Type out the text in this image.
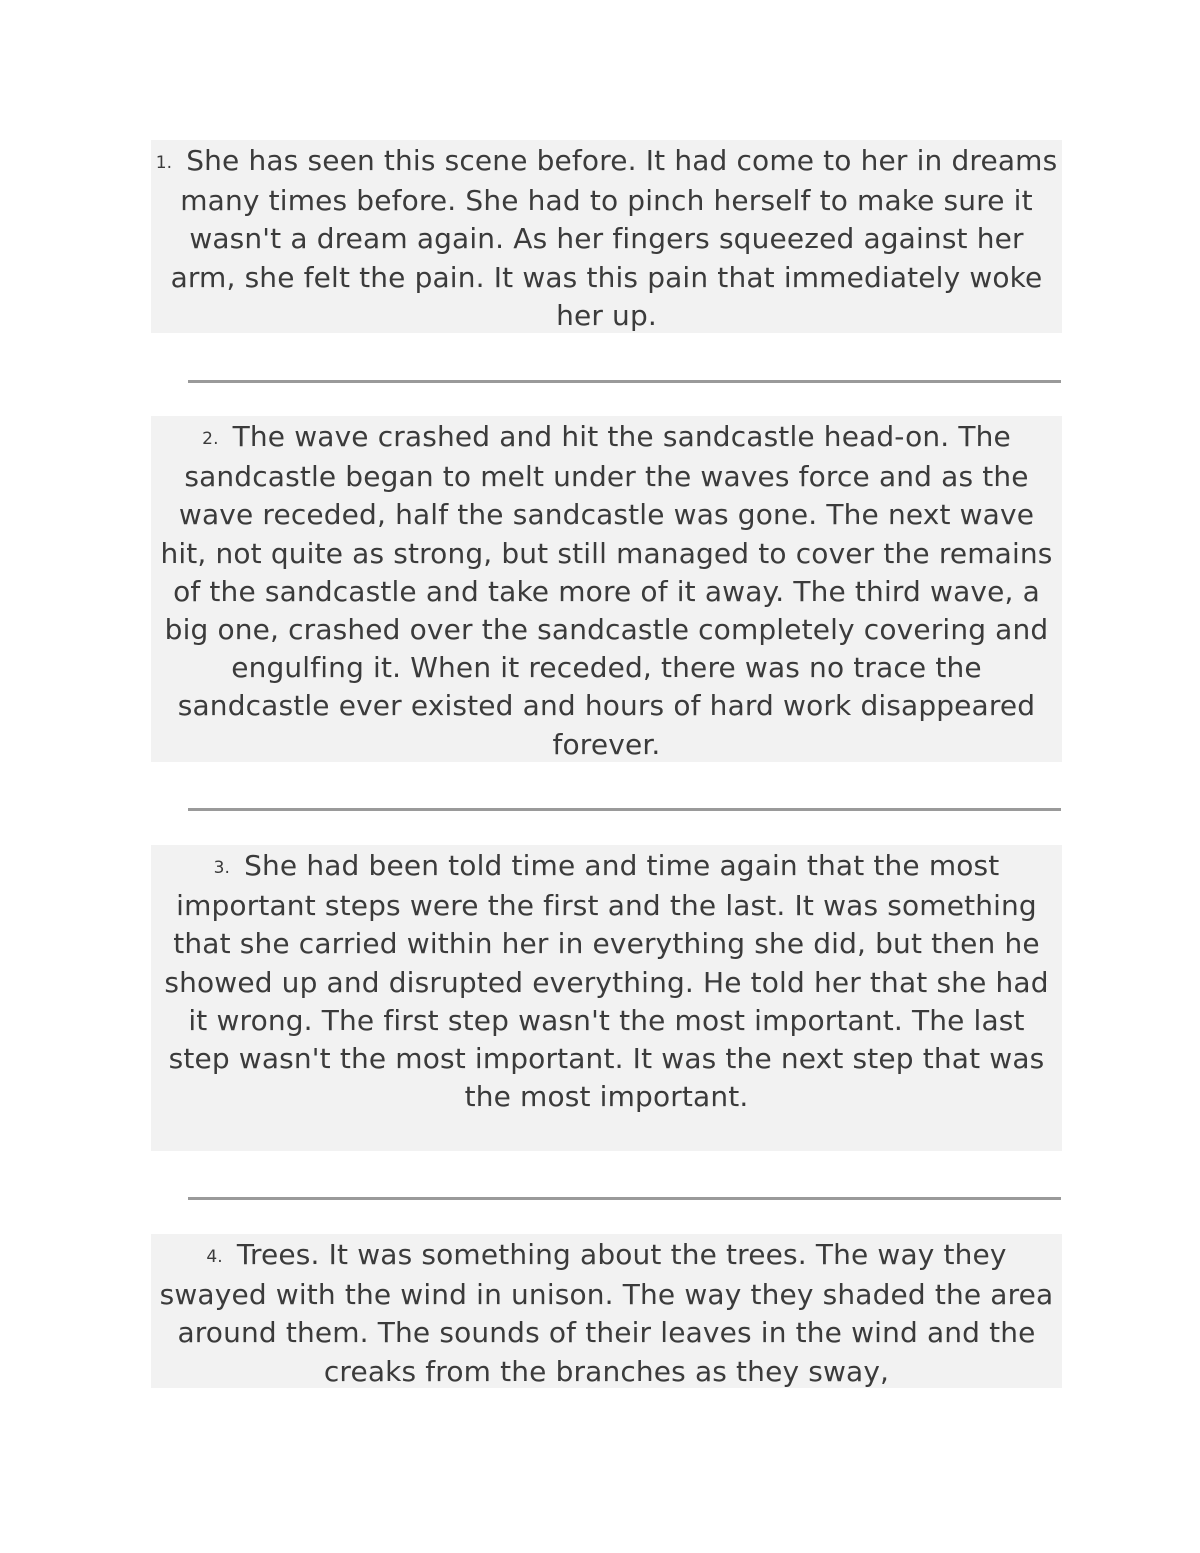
1. She has seen this scene before. It had come to her in dreams many times before. She had to pinch herself to make sure it wasn't a dream again. As her fingers squeezed against her arm, she felt the pain. It was this pain that immediately woke her up.

2. The wave crashed and hit the sandcastle head-on. The sandcastle began to melt under the waves force and as the wave receded, half the sandcastle was gone. The next wave hit, not quite as strong, but still managed to cover the remains of the sandcastle and take more of it away. The third wave, a big one, crashed over the sandcastle completely covering and engulfing it. When it receded, there was no trace the sandcastle ever existed and hours of hard work disappeared forever.

3. She had been told time and time again that the most important steps were the first and the last. It was something that she carried within her in everything she did, but then he showed up and disrupted everything. He told her that she had it wrong. The first step wasn't the most important. The last step wasn't the most important. It was the next step that was the most important.

4. Trees. It was something about the trees. The way they swayed with the wind in unison. The way they shaded the area around them. The sounds of their leaves in the wind and the creaks from the branches as they sway,
